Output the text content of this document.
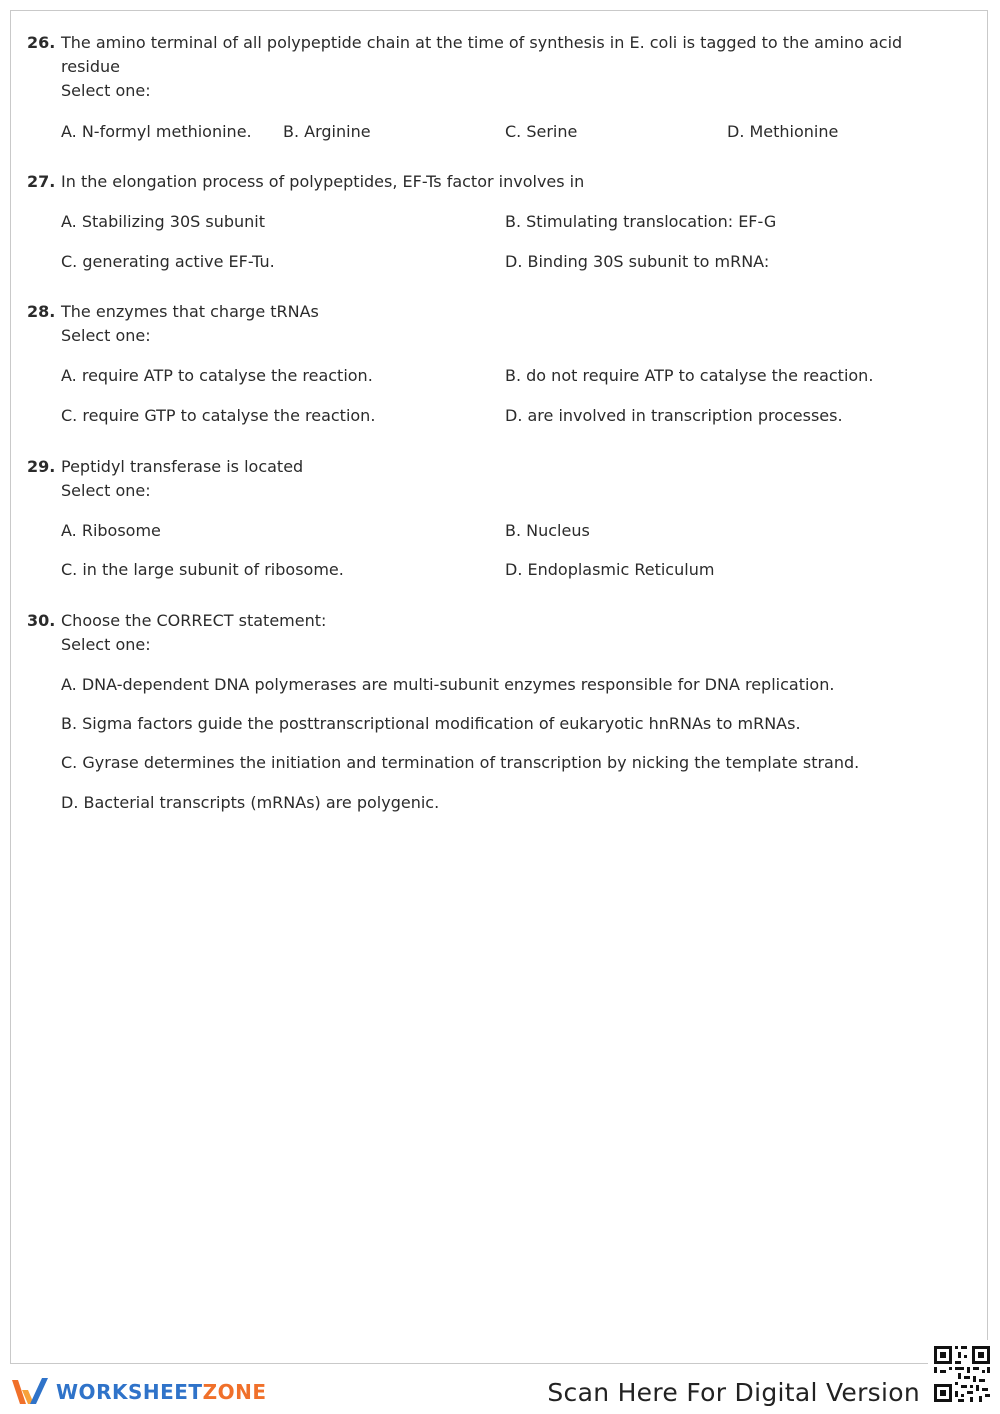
26. The amino terminal of all polypeptide chain at the time of synthesis in E. coli is tagged to the amino acid residue
Select one:
A. N-formyl methionine. B. Arginine	C. Serine	D. Methionine
27. In the elongation process of polypeptides, EF-Ts factor involves in
A. Stabilizing 30S subunit	B. Stimulating translocation: EF-G
C. generating active EF-Tu.	D. Binding 30S subunit to mRNA:
28. The enzymes that charge tRNAs
Select one:
A. require ATP to catalyse the reaction.	B. do not require ATP to catalyse the reaction.
C. require GTP to catalyse the reaction.	D. are involved in transcription processes.
29. Peptidyl transferase is located
Select one:
A. Ribosome	B. Nucleus
C. in the large subunit of ribosome.	D. Endoplasmic Reticulum
30. Choose the CORRECT statement:
Select one:
A. DNA-dependent DNA polymerases are multi-subunit enzymes responsible for DNA replication.
B. Sigma factors guide the posttranscriptional modification of eukaryotic hnRNAs to mRNAs.
C. Gyrase determines the initiation and termination of transcription by nicking the template strand.
D. Bacterial transcripts (mRNAs) are polygenic.
WORKSHEETZONE	Scan Here For Digital Version
